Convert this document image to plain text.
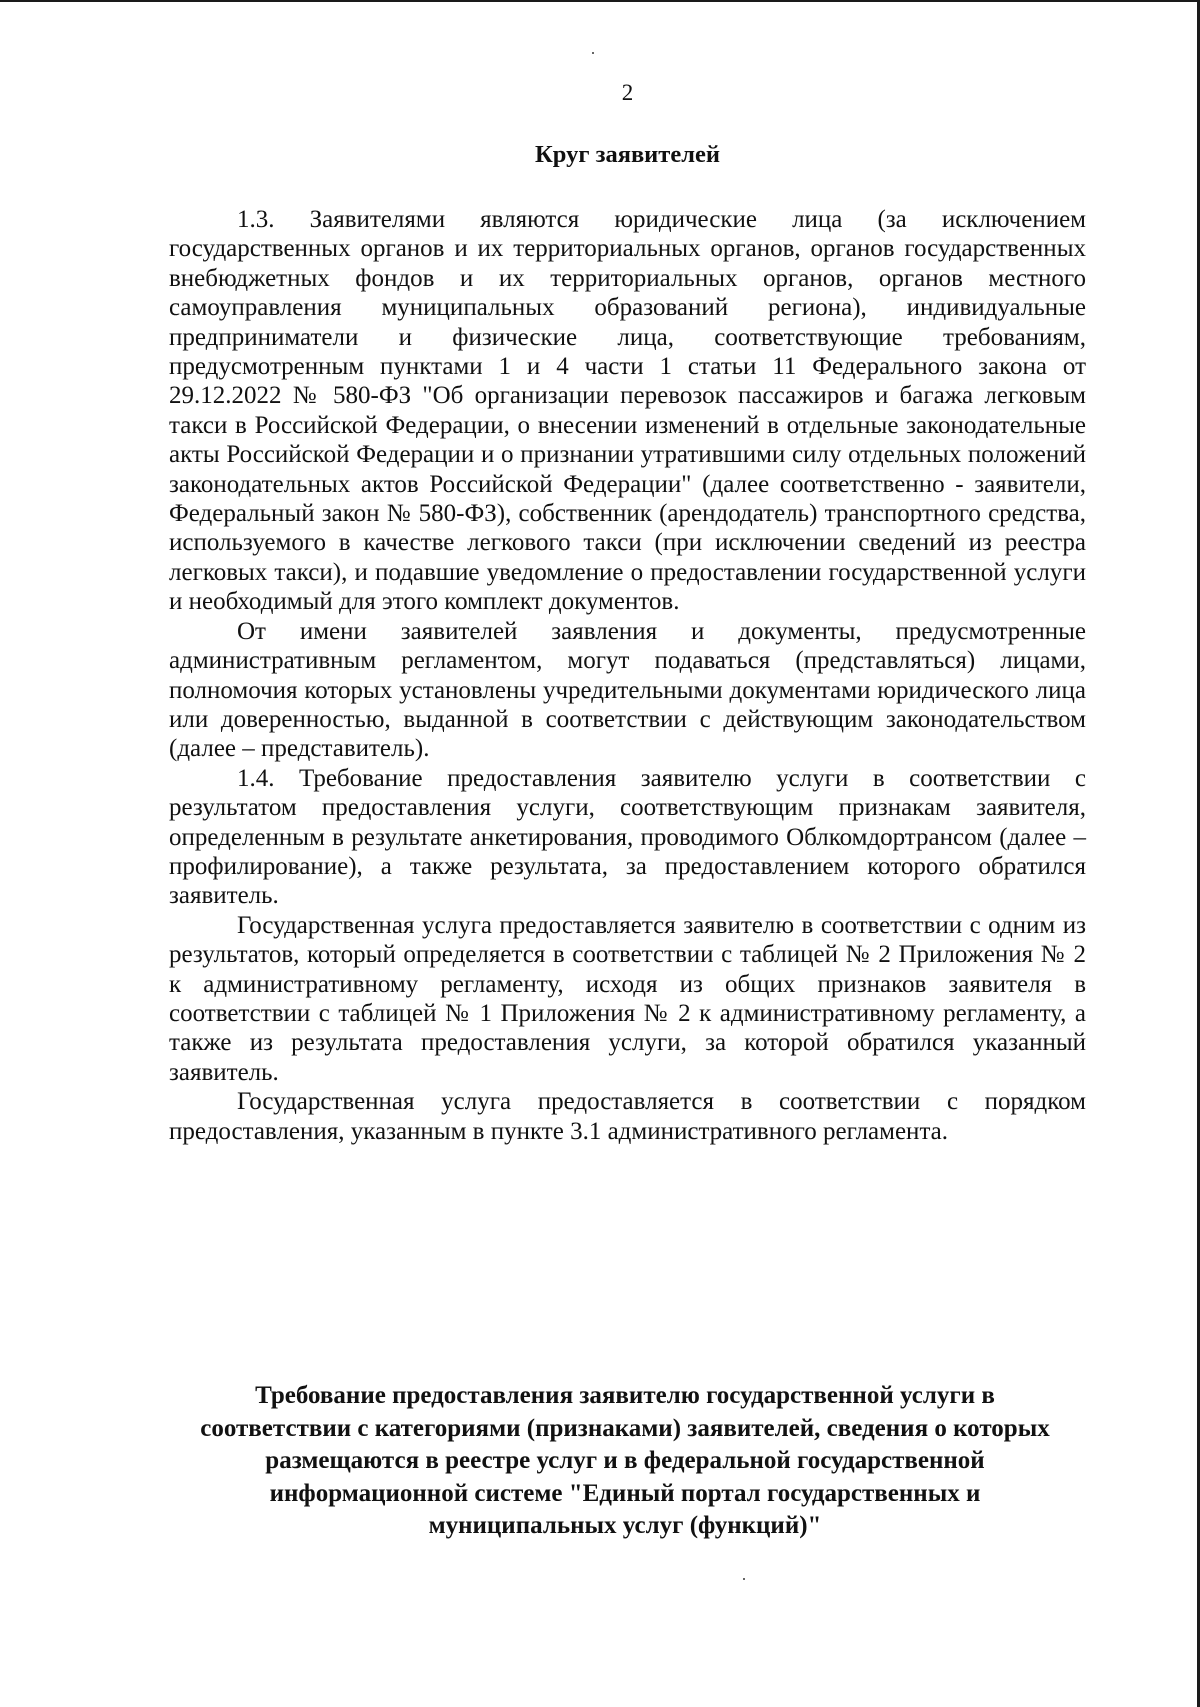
2

Круг заявителей

1.3. Заявителями являются юридические лица (за исключением государственных органов и их территориальных органов, органов государственных внебюджетных фондов и их территориальных органов, органов местного самоуправления муниципальных образований региона), индивидуальные предприниматели и физические лица, соответствующие требованиям, предусмотренным пунктами 1 и 4 части 1 статьи 11 Федерального закона от 29.12.2022 № 580-ФЗ "Об организации перевозок пассажиров и багажа легковым такси в Российской Федерации, о внесении изменений в отдельные законодательные акты Российской Федерации и о признании утратившими силу отдельных положений законодательных актов Российской Федерации" (далее соответственно - заявители, Федеральный закон № 580-ФЗ), собственник (арендодатель) транспортного средства, используемого в качестве легкового такси (при исключении сведений из реестра легковых такси), и подавшие уведомление о предоставлении государственной услуги и необходимый для этого комплект документов.

От имени заявителей заявления и документы, предусмотренные административным регламентом, могут подаваться (представляться) лицами, полномочия которых установлены учредительными документами юридического лица или доверенностью, выданной в соответствии с действующим законодательством (далее – представитель).

1.4. Требование предоставления заявителю услуги в соответствии с результатом предоставления услуги, соответствующим признакам заявителя, определенным в результате анкетирования, проводимого Облкомдортрансом (далее – профилирование), а также результата, за предоставлением которого обратился заявитель.

Государственная услуга предоставляется заявителю в соответствии с одним из результатов, который определяется в соответствии с таблицей № 2 Приложения № 2 к административному регламенту, исходя из общих признаков заявителя в соответствии с таблицей № 1 Приложения № 2 к административному регламенту, а также из результата предоставления услуги, за которой обратился указанный заявитель.

Государственная услуга предоставляется в соответствии с порядком предоставления, указанным в пункте 3.1 административного регламента.

Требование предоставления заявителю государственной услуги в соответствии с категориями (признаками) заявителей, сведения о которых размещаются в реестре услуг и в федеральной государственной информационной системе "Единый портал государственных и муниципальных услуг (функций)"
